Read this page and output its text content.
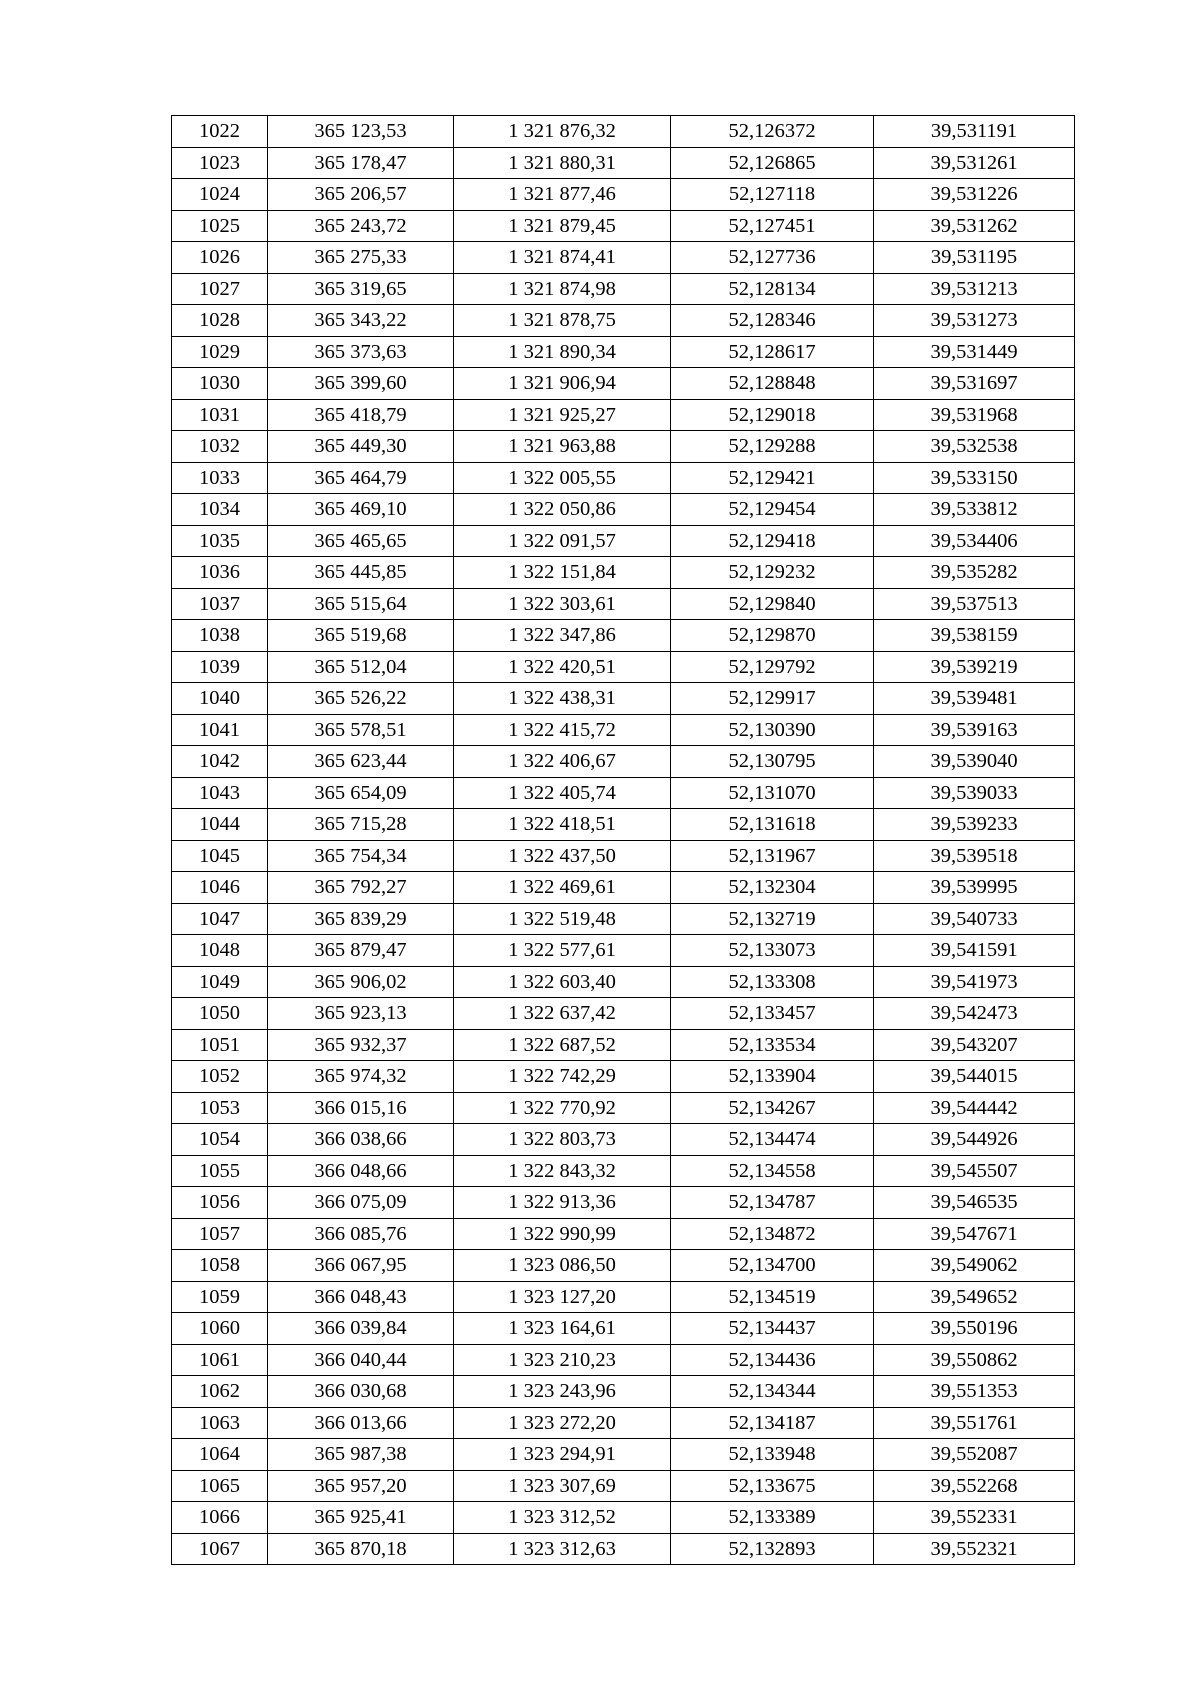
1022	365 123,53	1 321 876,32	52,126372	39,531191
1023	365 178,47	1 321 880,31	52,126865	39,531261
1024	365 206,57	1 321 877,46	52,127118	39,531226
1025	365 243,72	1 321 879,45	52,127451	39,531262
1026	365 275,33	1 321 874,41	52,127736	39,531195
1027	365 319,65	1 321 874,98	52,128134	39,531213
1028	365 343,22	1 321 878,75	52,128346	39,531273
1029	365 373,63	1 321 890,34	52,128617	39,531449
1030	365 399,60	1 321 906,94	52,128848	39,531697
1031	365 418,79	1 321 925,27	52,129018	39,531968
1032	365 449,30	1 321 963,88	52,129288	39,532538
1033	365 464,79	1 322 005,55	52,129421	39,533150
1034	365 469,10	1 322 050,86	52,129454	39,533812
1035	365 465,65	1 322 091,57	52,129418	39,534406
1036	365 445,85	1 322 151,84	52,129232	39,535282
1037	365 515,64	1 322 303,61	52,129840	39,537513
1038	365 519,68	1 322 347,86	52,129870	39,538159
1039	365 512,04	1 322 420,51	52,129792	39,539219
1040	365 526,22	1 322 438,31	52,129917	39,539481
1041	365 578,51	1 322 415,72	52,130390	39,539163
1042	365 623,44	1 322 406,67	52,130795	39,539040
1043	365 654,09	1 322 405,74	52,131070	39,539033
1044	365 715,28	1 322 418,51	52,131618	39,539233
1045	365 754,34	1 322 437,50	52,131967	39,539518
1046	365 792,27	1 322 469,61	52,132304	39,539995
1047	365 839,29	1 322 519,48	52,132719	39,540733
1048	365 879,47	1 322 577,61	52,133073	39,541591
1049	365 906,02	1 322 603,40	52,133308	39,541973
1050	365 923,13	1 322 637,42	52,133457	39,542473
1051	365 932,37	1 322 687,52	52,133534	39,543207
1052	365 974,32	1 322 742,29	52,133904	39,544015
1053	366 015,16	1 322 770,92	52,134267	39,544442
1054	366 038,66	1 322 803,73	52,134474	39,544926
1055	366 048,66	1 322 843,32	52,134558	39,545507
1056	366 075,09	1 322 913,36	52,134787	39,546535
1057	366 085,76	1 322 990,99	52,134872	39,547671
1058	366 067,95	1 323 086,50	52,134700	39,549062
1059	366 048,43	1 323 127,20	52,134519	39,549652
1060	366 039,84	1 323 164,61	52,134437	39,550196
1061	366 040,44	1 323 210,23	52,134436	39,550862
1062	366 030,68	1 323 243,96	52,134344	39,551353
1063	366 013,66	1 323 272,20	52,134187	39,551761
1064	365 987,38	1 323 294,91	52,133948	39,552087
1065	365 957,20	1 323 307,69	52,133675	39,552268
1066	365 925,41	1 323 312,52	52,133389	39,552331
1067	365 870,18	1 323 312,63	52,132893	39,552321
